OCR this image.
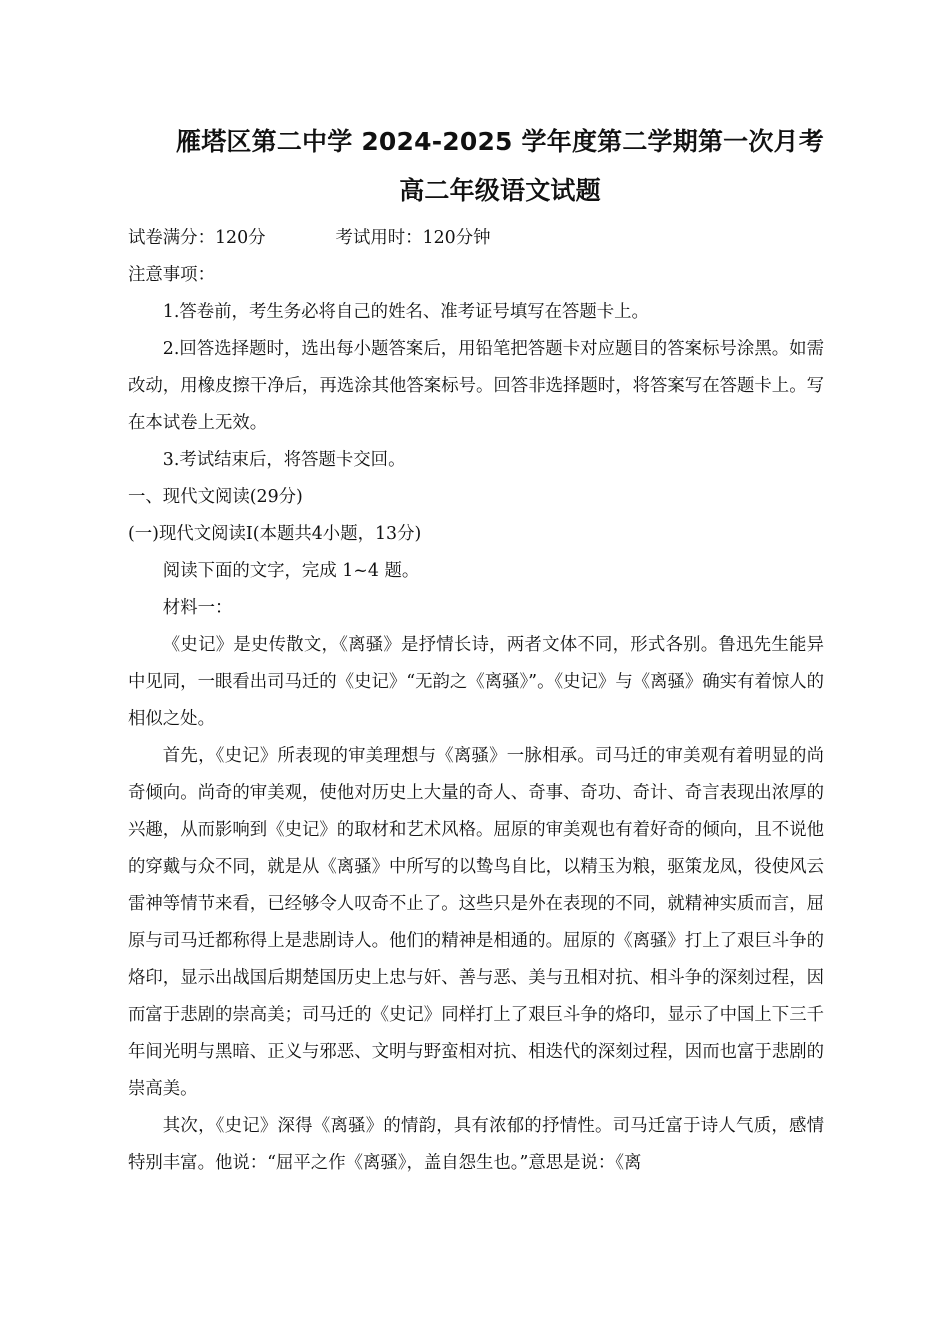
雁塔区第二中学 2024-2025 学年度第二学期第一次月考
高二年级语文试题
试卷满分：120分	考试用时：120分钟
注意事项：

1.答卷前，考生务必将自己的姓名、准考证号填写在答题卡上。

2.回答选择题时，选出每小题答案后，用铅笔把答题卡对应题目的答案标号涂黑。如需改动，用橡皮擦干净后，再选涂其他答案标号。回答非选择题时，将答案写在答题卡上。写在本试卷上无效。

3.考试结束后，将答题卡交回。

一、现代文阅读(29分)
(一)现代文阅读Ⅰ(本题共4小题，13分)
阅读下面的文字，完成 1~4 题。
材料一：

《史记》是史传散文，《离骚》是抒情长诗，两者文体不同，形式各别。鲁迅先生能异中见同，一眼看出司马迁的《史记》“无韵之《离骚》”。《史记》与《离骚》确实有着惊人的相似之处。

首先，《史记》所表现的审美理想与《离骚》一脉相承。司马迁的审美观有着明显的尚奇倾向。尚奇的审美观，使他对历史上大量的奇人、奇事、奇功、奇计、奇言表现出浓厚的兴趣，从而影响到《史记》的取材和艺术风格。屈原的审美观也有着好奇的倾向，且不说他的穿戴与众不同，就是从《离骚》中所写的以鸷鸟自比，以精玉为粮，驱策龙凤，役使风云雷神等情节来看，已经够令人叹奇不止了。这些只是外在表现的不同，就精神实质而言，屈原与司马迁都称得上是悲剧诗人。他们的精神是相通的。屈原的《离骚》打上了艰巨斗争的烙印，显示出战国后期楚国历史上忠与奸、善与恶、美与丑相对抗、相斗争的深刻过程，因而富于悲剧的崇高美；司马迁的《史记》同样打上了艰巨斗争的烙印，显示了中国上下三千年间光明与黑暗、正义与邪恶、文明与野蛮相对抗、相迭代的深刻过程，因而也富于悲剧的崇高美。

其次，《史记》深得《离骚》的情韵，具有浓郁的抒情性。司马迁富于诗人气质，感情特别丰富。他说：“屈平之作《离骚》，盖自怨生也。”意思是说：《离
